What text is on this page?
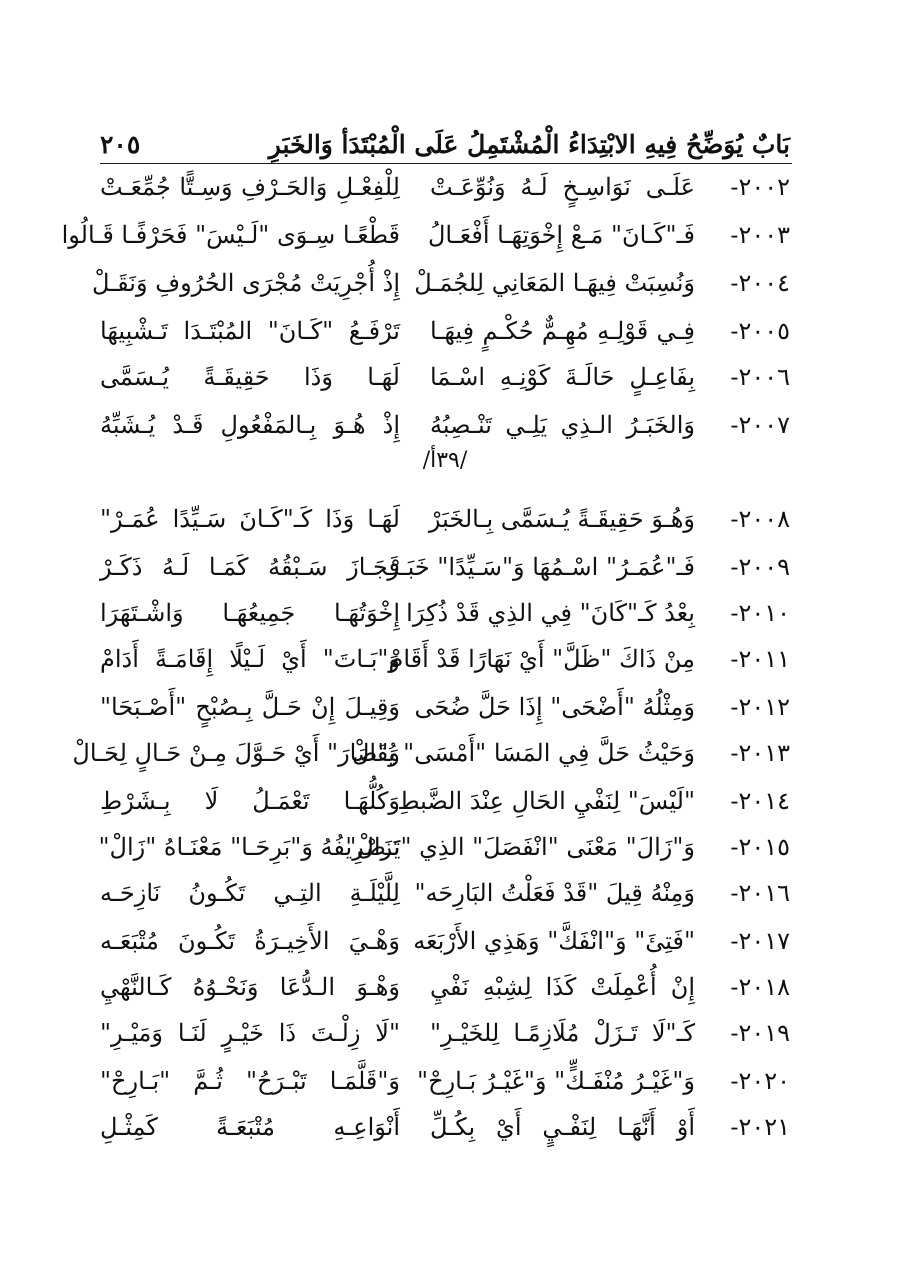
بَابٌ يُوَضِّحُ فِيهِ الابْتِدَاءُ الْمُشْتَمِلُ عَلَى الْمُبْتَدَأ وَالخَبَرِ
٢٠٥
٢٠٠٢-
عَلَـى نَوَاسِـخٍ لَـهُ وَنُوِّعَـتْ
لِلْفِعْـلِ وَالحَـرْفِ وَسِـتًّا جُمِّعَـتْ
٢٠٠٣-
فَـ"كَـانَ" مَـعْ إِخْوَتِهَـا أَفْعَـالُ
قَطْعًـا سِـوَى "لَـيْسَ" فَحَرْفًـا قَـالُوا
٢٠٠٤-
وَنُسِبَتْ فِيهَـا المَعَانِي لِلجُمَـلْ
إِذْ أُجْرِيَتْ مُجْرَى الحُرُوفِ وَنَقَـلْ
٢٠٠٥-
فِـي قَوْلِـهِ مُهِـمٌّ حُكْـمٍ فِيهَـا
تَرْفَـعُ "كَـانَ" المُبْتَـدَا تَـشْبِيهَا
٢٠٠٦-
بِفَاعِـلٍ حَالَـةَ كَوْنِـهِ اسْـمَا
لَهَـا وَذَا حَقِيقَـةً يُـسَمَّى
٢٠٠٧-
وَالخَبَـرُ الـذِي يَلِـي تَنْـصِبُهُ
إِذْ هُـوَ بِـالمَفْعُولِ قَـدْ يُـشَبِّهُ
/٣٩أ/
٢٠٠٨-
وَهُـوَ حَقِيقَـةً يُـسَمَّى بِـالخَبَرْ
لَهَـا وَذَا كَـ"كَـانَ سَـيِّدًا عُمَـرْ"
٢٠٠٩-
فَـ"عُمَـرُ" اسْـمُهَا وَ"سَـيِّدًا" خَبَـرْ
فَجَـازَ سَـبْقُهُ كَمَـا لَـهُ ذَكَـرْ
٢٠١٠-
بِعْدُ كَـ"كَانَ" فِي الذِي قَدْ ذُكِرَا
إِخْوَتُهَـا جَمِيعُهَـا وَاشْـتَهَرَا
٢٠١١-
مِنْ ذَاكَ "ظَلَّ" أَيْ نَهَارًا قَدْ أَقَامْ
وَ"بَـاتَ" أَيْ لَـيْلًا إِقَامَـةً أَدَامْ
٢٠١٢-
وَمِثْلُهُ "أَضْحَى" إِذَا حَلَّ ضُحَى
وَقِيـلَ إِنْ حَـلَّ بِـصُبْحٍ "أَصْـبَحَا"
٢٠١٣-
وَحَيْثُ حَلَّ فِي المَسَا "أَمْسَى" يُقَالْ
وَ"صَارَ" أَيْ حَـوَّلَ مِـنْ حَـالٍ لِحَـالْ
٢٠١٤-
"لَيْسَ" لِنَفْيِ الحَالِ عِنْدَ الضَّبطِ
وَكُلُّهَـا تَعْمَـلُ لَا بِـشَرْطِ
٢٠١٥-
وَ"زَالَ" مَعْنَى "انْفَصَلَ" الذِي "يَزَالْ"
تَـصْرِيفُهُ وَ"بَرِحَـا" مَعْنَـاهُ "زَالْ"
٢٠١٦-
وَمِنْهُ قِيلَ "قَدْ فَعَلْتُ البَارِحَه"
لِلَّيْلَـةِ التِـي تَكُـونُ نَازِحَـه
٢٠١٧-
"فَتِئَ" وَ"انْفَكَّ" وَهَذِي الأَرْبَعَه
وَهْـيَ الأَخِيـرَةُ تَكُـونَ مُتْبَعَـه
٢٠١٨-
إِنْ أُعْمِلَتْ كَذَا لِشِبْهِ نَفْيِ
وَهْـوَ الـدُّعَا وَنَحْـوُهُ كَـالنَّهْيِ
٢٠١٩-
كَـ"لَا تَـزَلْ مُلَازِمًـا لِلخَيْـرِ"
"لَا زِلْـتَ ذَا خَيْـرٍ لَنَـا وَمَيْـرِ"
٢٠٢٠-
وَ"غَيْـرُ مُنْفَـكٍّ" وَ"غَيْـرُ بَـارِحْ"
وَ"قَلَّمَـا تَبْـرَحُ" ثُـمَّ "بَـارِحْ"
٢٠٢١-
أَوْ أَنَّهَـا لِنَفْـيٍ أَيْ بِكُـلِّ
أَنْوَاعِـهِ مُتْبَعَـةً كَمِثْـلِ
